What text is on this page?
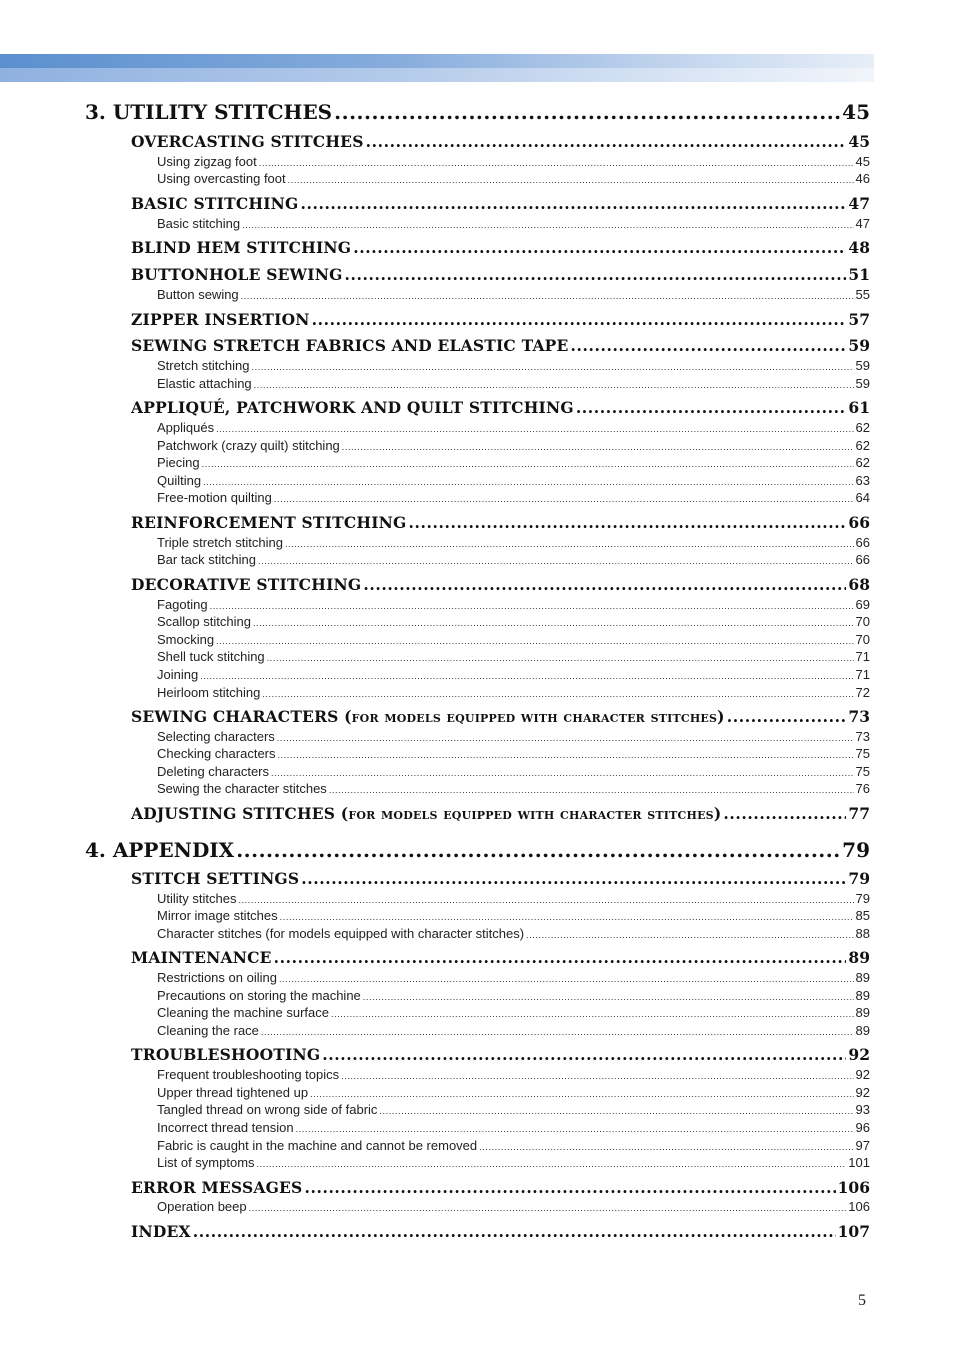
3. UTILITY STITCHES .....	45
OVERCASTING STITCHES .....	45
Using zigzag foot .....	45
Using overcasting foot .....	46
BASIC STITCHING .....	47
Basic stitching .....	47
BLIND HEM STITCHING .....	48
BUTTONHOLE SEWING .....	51
Button sewing .....	55
ZIPPER INSERTION .....	57
SEWING STRETCH FABRICS AND ELASTIC TAPE .....	59
Stretch stitching .....	59
Elastic attaching .....	59
APPLIQUÉ, PATCHWORK AND QUILT STITCHING .....	61
Appliqués .....	62
Patchwork (crazy quilt) stitching .....	62
Piecing .....	62
Quilting .....	63
Free-motion quilting .....	64
REINFORCEMENT STITCHING .....	66
Triple stretch stitching .....	66
Bar tack stitching .....	66
DECORATIVE STITCHING .....	68
Fagoting .....	69
Scallop stitching .....	70
Smocking .....	70
Shell tuck stitching .....	71
Joining .....	71
Heirloom stitching .....	72
SEWING CHARACTERS (for models equipped with character stitches) .....	73
Selecting characters .....	73
Checking characters .....	75
Deleting characters .....	75
Sewing the character stitches .....	76
ADJUSTING STITCHES (for models equipped with character stitches) .....	77
4. APPENDIX .....	79
STITCH SETTINGS .....	79
Utility stitches .....	79
Mirror image stitches .....	85
Character stitches (for models equipped with character stitches) .....	88
MAINTENANCE .....	89
Restrictions on oiling .....	89
Precautions on storing the machine .....	89
Cleaning the machine surface .....	89
Cleaning the race .....	89
TROUBLESHOOTING .....	92
Frequent troubleshooting topics .....	92
Upper thread tightened up .....	92
Tangled thread on wrong side of fabric .....	93
Incorrect thread tension .....	96
Fabric is caught in the machine and cannot be removed .....	97
List of symptoms .....	101
ERROR MESSAGES .....	106
Operation beep .....	106
INDEX .....	107
5
